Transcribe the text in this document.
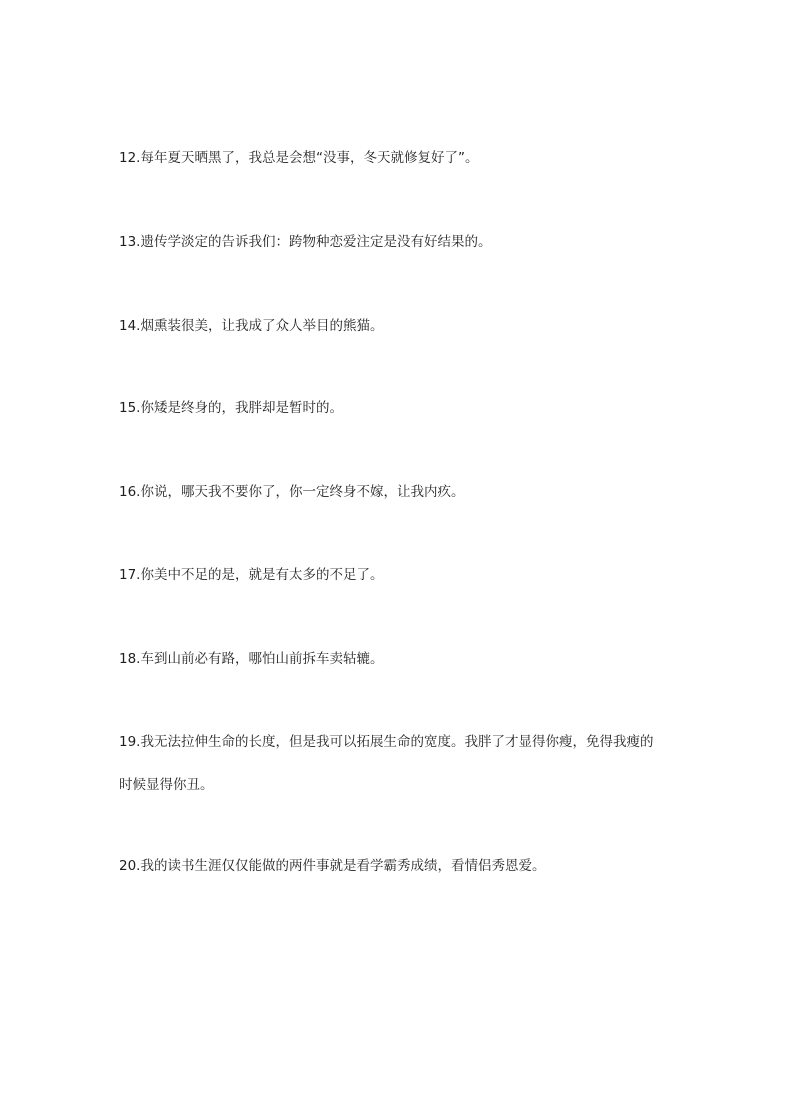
12.每年夏天晒黑了，我总是会想“没事，冬天就修复好了”。
13.遗传学淡定的告诉我们：跨物种恋爱注定是没有好结果的。
14.烟熏装很美，让我成了众人举目的熊猫。
15.你矮是终身的，我胖却是暂时的。
16.你说，哪天我不要你了，你一定终身不嫁，让我内疚。
17.你美中不足的是，就是有太多的不足了。
18.车到山前必有路，哪怕山前拆车卖轱辘。
19.我无法拉伸生命的长度，但是我可以拓展生命的宽度。我胖了才显得你瘦，免得我瘦的
时候显得你丑。
20.我的读书生涯仅仅能做的两件事就是看学霸秀成绩，看情侣秀恩爱。
